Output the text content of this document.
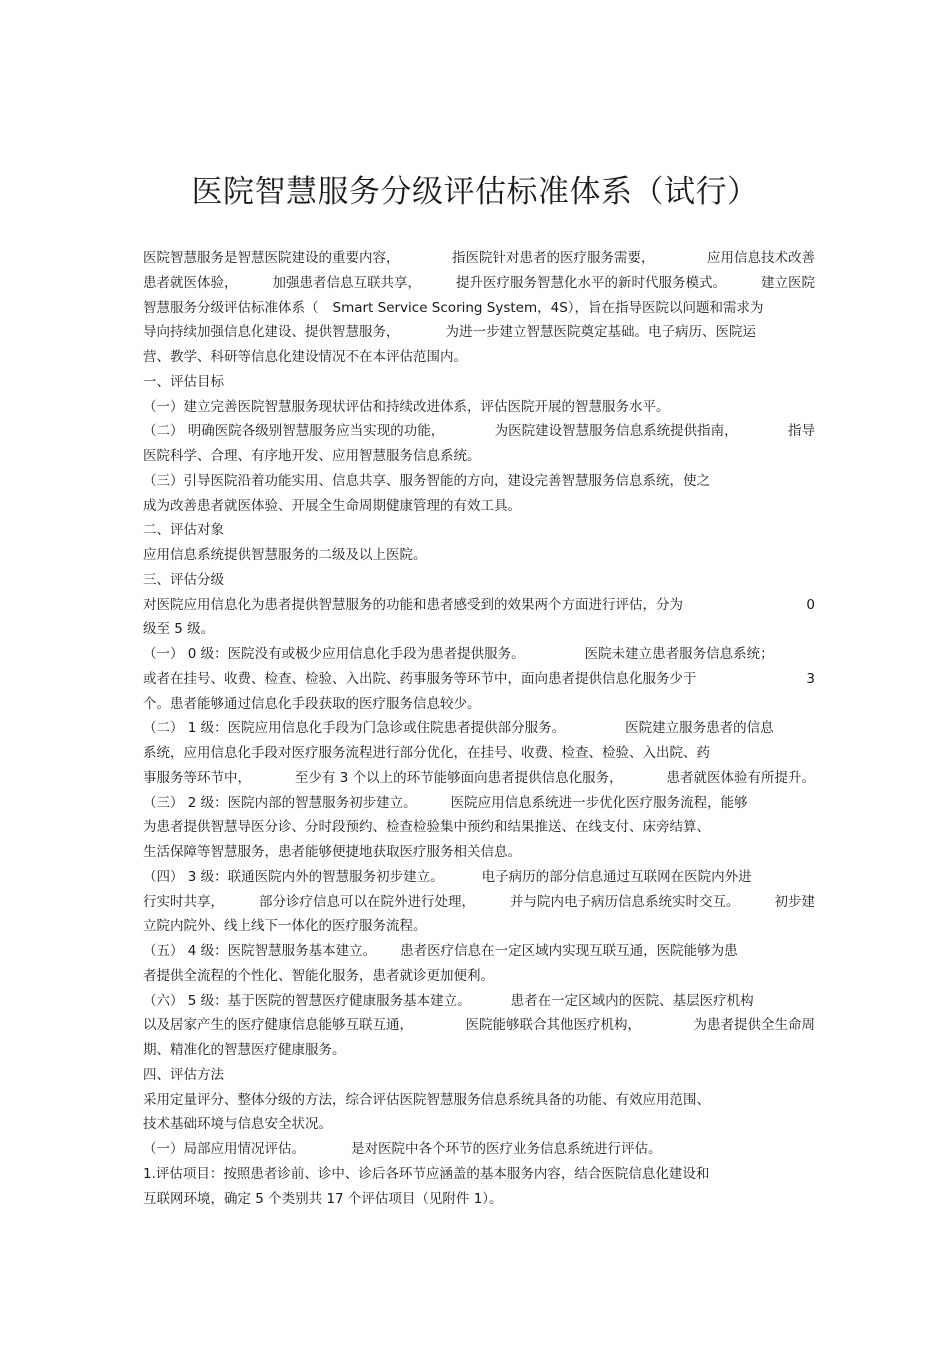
医院智慧服务分级评估标准体系（试行）
医院智慧服务是智慧医院建设的重要内容，	指医院针对患者的医疗服务需要，	应用信息技术改善
患者就医体验，	加强患者信息互联共享，	提升医疗服务智慧化水平的新时代服务模式。	建立医院
智慧服务分级评估标准体系（ Smart Service Scoring System，4S），旨在指导医院以问题和需求为
导向持续加强信息化建设、提供智慧服务，	为进一步建立智慧医院奠定基础。电子病历、医院运
营、教学、科研等信息化建设情况不在本评估范围内。
一、评估目标
（一）建立完善医院智慧服务现状评估和持续改进体系，评估医院开展的智慧服务水平。
（二） 明确医院各级别智慧服务应当实现的功能，	为医院建设智慧服务信息系统提供指南，	指导
医院科学、合理、有序地开发、应用智慧服务信息系统。
（三）引导医院沿着功能实用、信息共享、服务智能的方向，建设完善智慧服务信息系统，使之
成为改善患者就医体验、开展全生命周期健康管理的有效工具。
二、评估对象
应用信息系统提供智慧服务的二级及以上医院。
三、评估分级
对医院应用信息化为患者提供智慧服务的功能和患者感受到的效果两个方面进行评估，分为	0
级至 5 级。
（一） 0 级：医院没有或极少应用信息化手段为患者提供服务。	医院未建立患者服务信息系统；
或者在挂号、收费、检查、检验、入出院、药事服务等环节中，面向患者提供信息化服务少于	3
个。患者能够通过信息化手段获取的医疗服务信息较少。
（二） 1 级：医院应用信息化手段为门急诊或住院患者提供部分服务。	医院建立服务患者的信息
系统，应用信息化手段对医疗服务流程进行部分优化，在挂号、收费、检查、检验、入出院、药
事服务等环节中，	至少有 3 个以上的环节能够面向患者提供信息化服务，	患者就医体验有所提升。
（三） 2 级：医院内部的智慧服务初步建立。	医院应用信息系统进一步优化医疗服务流程，能够
为患者提供智慧导医分诊、分时段预约、检查检验集中预约和结果推送、在线支付、床旁结算、
生活保障等智慧服务，患者能够便捷地获取医疗服务相关信息。
（四） 3 级：联通医院内外的智慧服务初步建立。	电子病历的部分信息通过互联网在医院内外进
行实时共享，	部分诊疗信息可以在院外进行处理，	并与院内电子病历信息系统实时交互。	初步建
立院内院外、线上线下一体化的医疗服务流程。
（五） 4 级：医院智慧服务基本建立。 患者医疗信息在一定区域内实现互联互通，医院能够为患
者提供全流程的个性化、智能化服务，患者就诊更加便利。
（六） 5 级：基于医院的智慧医疗健康服务基本建立。	患者在一定区域内的医院、基层医疗机构
以及居家产生的医疗健康信息能够互联互通，	医院能够联合其他医疗机构，	为患者提供全生命周
期、精准化的智慧医疗健康服务。
四、评估方法
采用定量评分、整体分级的方法，综合评估医院智慧服务信息系统具备的功能、有效应用范围、
技术基础环境与信息安全状况。
（一）局部应用情况评估。	是对医院中各个环节的医疗业务信息系统进行评估。
1.评估项目：按照患者诊前、诊中、诊后各环节应涵盖的基本服务内容，结合医院信息化建设和
互联网环境，确定 5 个类别共 17 个评估项目（见附件 1）。
